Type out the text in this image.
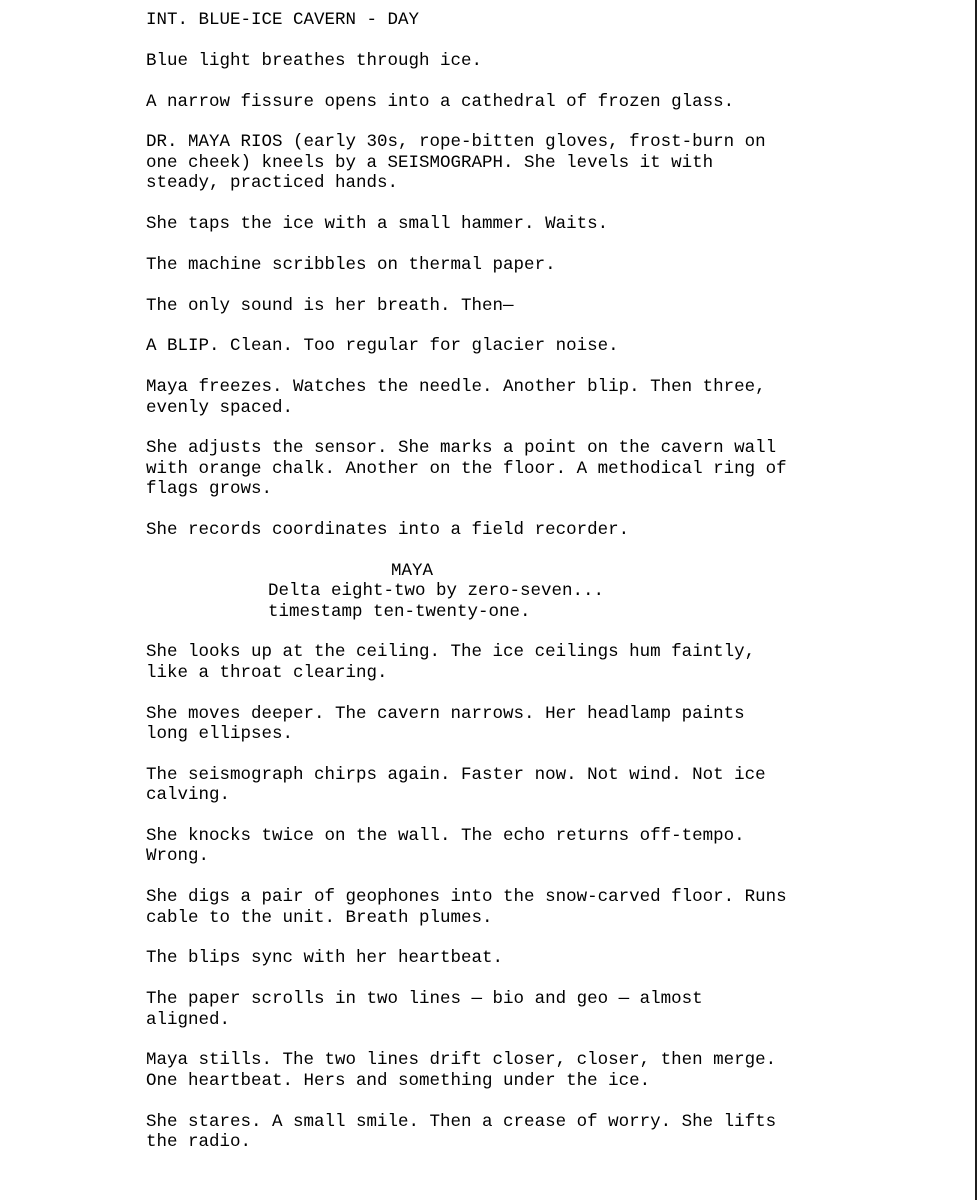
INT. BLUE-ICE CAVERN - DAY

Blue light breathes through ice.

A narrow fissure opens into a cathedral of frozen glass.

DR. MAYA RIOS (early 30s, rope-bitten gloves, frost-burn on
one cheek) kneels by a SEISMOGRAPH. She levels it with
steady, practiced hands.

She taps the ice with a small hammer. Waits.

The machine scribbles on thermal paper.

The only sound is her breath. Then—

A BLIP. Clean. Too regular for glacier noise.

Maya freezes. Watches the needle. Another blip. Then three,
evenly spaced.

She adjusts the sensor. She marks a point on the cavern wall
with orange chalk. Another on the floor. A methodical ring of
flags grows.

She records coordinates into a field recorder.

MAYA

Delta eight-two by zero-seven...

timestamp ten-twenty-one.

She looks up at the ceiling. The ice ceilings hum faintly,
like a throat clearing.

She moves deeper. The cavern narrows. Her headlamp paints
long ellipses.

The seismograph chirps again. Faster now. Not wind. Not ice
calving.

She knocks twice on the wall. The echo returns off-tempo.
Wrong.

She digs a pair of geophones into the snow-carved floor. Runs
cable to the unit. Breath plumes.

The blips sync with her heartbeat.

The paper scrolls in two lines — bio and geo — almost
aligned.

Maya stills. The two lines drift closer, closer, then merge.
One heartbeat. Hers and something under the ice.

She stares. A small smile. Then a crease of worry. She lifts
the radio.
